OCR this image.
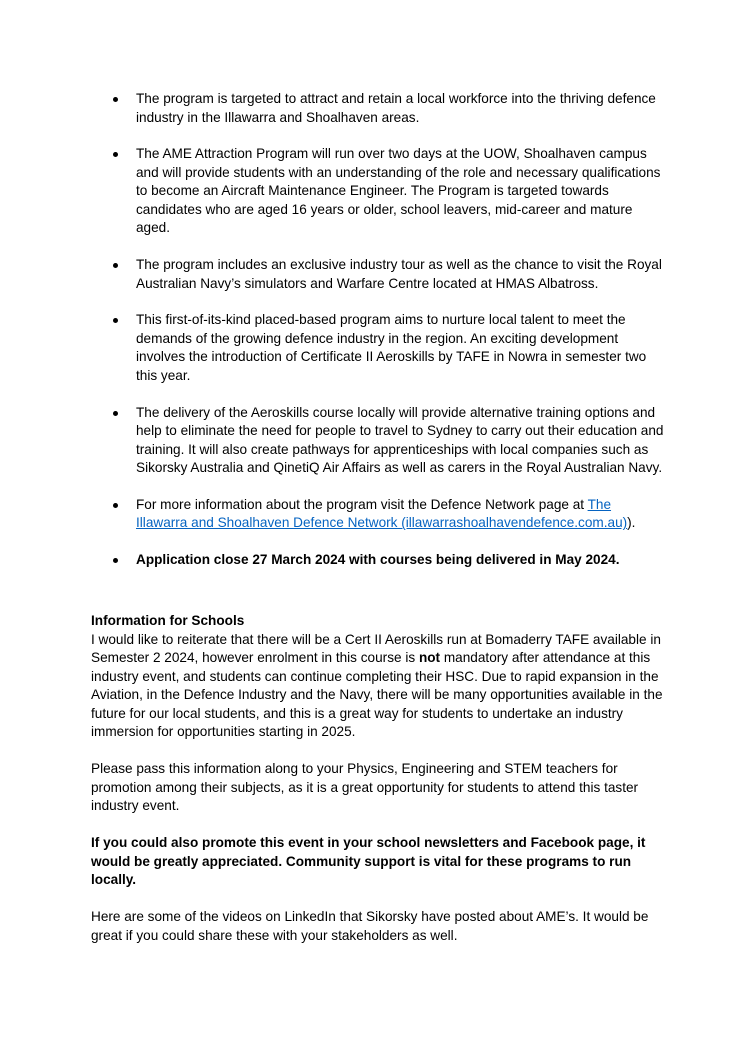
The program is targeted to attract and retain a local workforce into the thriving defence industry in the Illawarra and Shoalhaven areas.
The AME Attraction Program will run over two days at the UOW, Shoalhaven campus and will provide students with an understanding of the role and necessary qualifications to become an Aircraft Maintenance Engineer. The Program is targeted towards candidates who are aged 16 years or older, school leavers, mid-career and mature aged.
The program includes an exclusive industry tour as well as the chance to visit the Royal Australian Navy’s simulators and Warfare Centre located at HMAS Albatross.
This first-of-its-kind placed-based program aims to nurture local talent to meet the demands of the growing defence industry in the region. An exciting development involves the introduction of Certificate II Aeroskills by TAFE in Nowra in semester two this year.
The delivery of the Aeroskills course locally will provide alternative training options and help to eliminate the need for people to travel to Sydney to carry out their education and training. It will also create pathways for apprenticeships with local companies such as Sikorsky Australia and QinetiQ Air Affairs as well as carers in the Royal Australian Navy.
For more information about the program visit the Defence Network page at The Illawarra and Shoalhaven Defence Network (illawarrashoalhavendefence.com.au)).
Application close 27 March 2024 with courses being delivered in May 2024.
Information for Schools

I would like to reiterate that there will be a Cert II Aeroskills run at Bomaderry TAFE available in Semester 2 2024, however enrolment in this course is not mandatory after attendance at this industry event, and students can continue completing their HSC. Due to rapid expansion in the Aviation, in the Defence Industry and the Navy, there will be many opportunities available in the future for our local students, and this is a great way for students to undertake an industry immersion for opportunities starting in 2025.

Please pass this information along to your Physics, Engineering and STEM teachers for promotion among their subjects, as it is a great opportunity for students to attend this taster industry event.

If you could also promote this event in your school newsletters and Facebook page, it would be greatly appreciated. Community support is vital for these programs to run locally.

Here are some of the videos on LinkedIn that Sikorsky have posted about AME’s. It would be great if you could share these with your stakeholders as well.
